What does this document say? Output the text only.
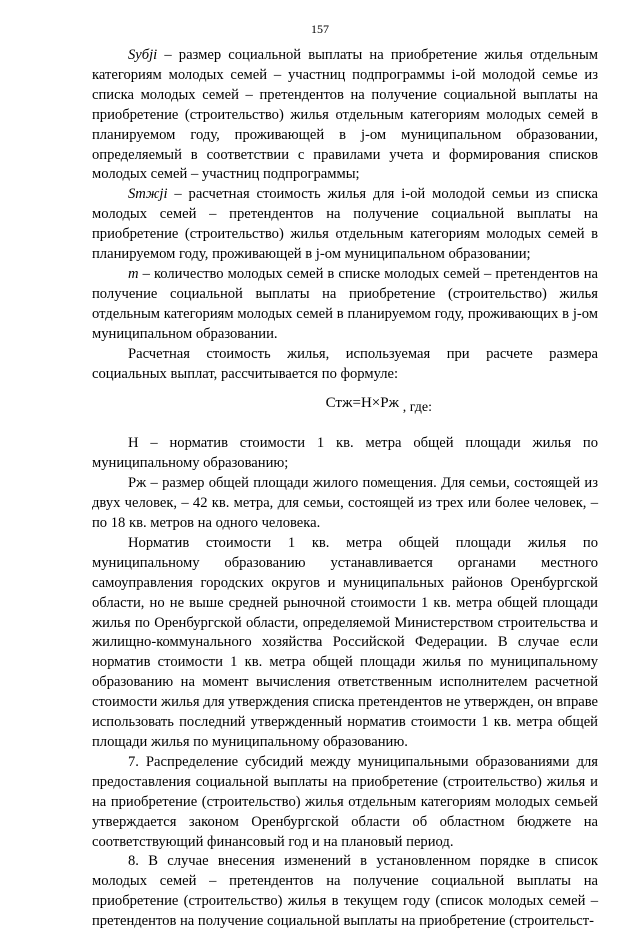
157

Syбji – размер социальной выплаты на приобретение жилья отдельным категориям молодых семей – участниц подпрограммы i-ой молодой семье из списка молодых семей – претендентов на получение социальной выплаты на приобретение (строительство) жилья отдельным категориям молодых семей в планируемом году, проживающей в j-ом муниципальном образовании, определяемый в соответствии с правилами учета и формирования списков молодых семей – участниц подпрограммы;

Smжji – расчетная стоимость жилья для i-ой молодой семьи из списка молодых семей – претендентов на получение социальной выплаты на приобретение (строительство) жилья отдельным категориям молодых семей в планируемом году, проживающей в j-ом муниципальном образовании;

m – количество молодых семей в списке молодых семей – претендентов на получение социальной выплаты на приобретение (строительство) жилья отдельным категориям молодых семей в планируемом году, проживающих в j-ом муниципальном образовании.

Расчетная стоимость жилья, используемая при расчете размера социальных выплат, рассчитывается по формуле:

Стж=Н×Рж , где:

Н – норматив стоимости 1 кв. метра общей площади жилья по муниципальному образованию;

Рж – размер общей площади жилого помещения. Для семьи, состоящей из двух человек, – 42 кв. метра, для семьи, состоящей из трех или более человек, – по 18 кв. метров на одного человека.

Норматив стоимости 1 кв. метра общей площади жилья по муниципальному образованию устанавливается органами местного самоуправления городских округов и муниципальных районов Оренбургской области, но не выше средней рыночной стоимости 1 кв. метра общей площади жилья по Оренбургской области, определяемой Министерством строительства и жилищно-коммунального хозяйства Российской Федерации. В случае если норматив стоимости 1 кв. метра общей площади жилья по муниципальному образованию на момент вычисления ответственным исполнителем расчетной стоимости жилья для утверждения списка претендентов не утвержден, он вправе использовать последний утвержденный норматив стоимости 1 кв. метра общей площади жилья по муниципальному образованию.

7. Распределение субсидий между муниципальными образованиями для предоставления социальной выплаты на приобретение (строительство) жилья и на приобретение (строительство) жилья отдельным категориям молодых семьей утверждается законом Оренбургской области об областном бюджете на соответствующий финансовый год и на плановый период.

8. В случае внесения изменений в установленном порядке в список молодых семей – претендентов на получение социальной выплаты на приобретение (строительство) жилья в текущем году (список молодых семей – претендентов на получение социальной выплаты на приобретение (строительст-
